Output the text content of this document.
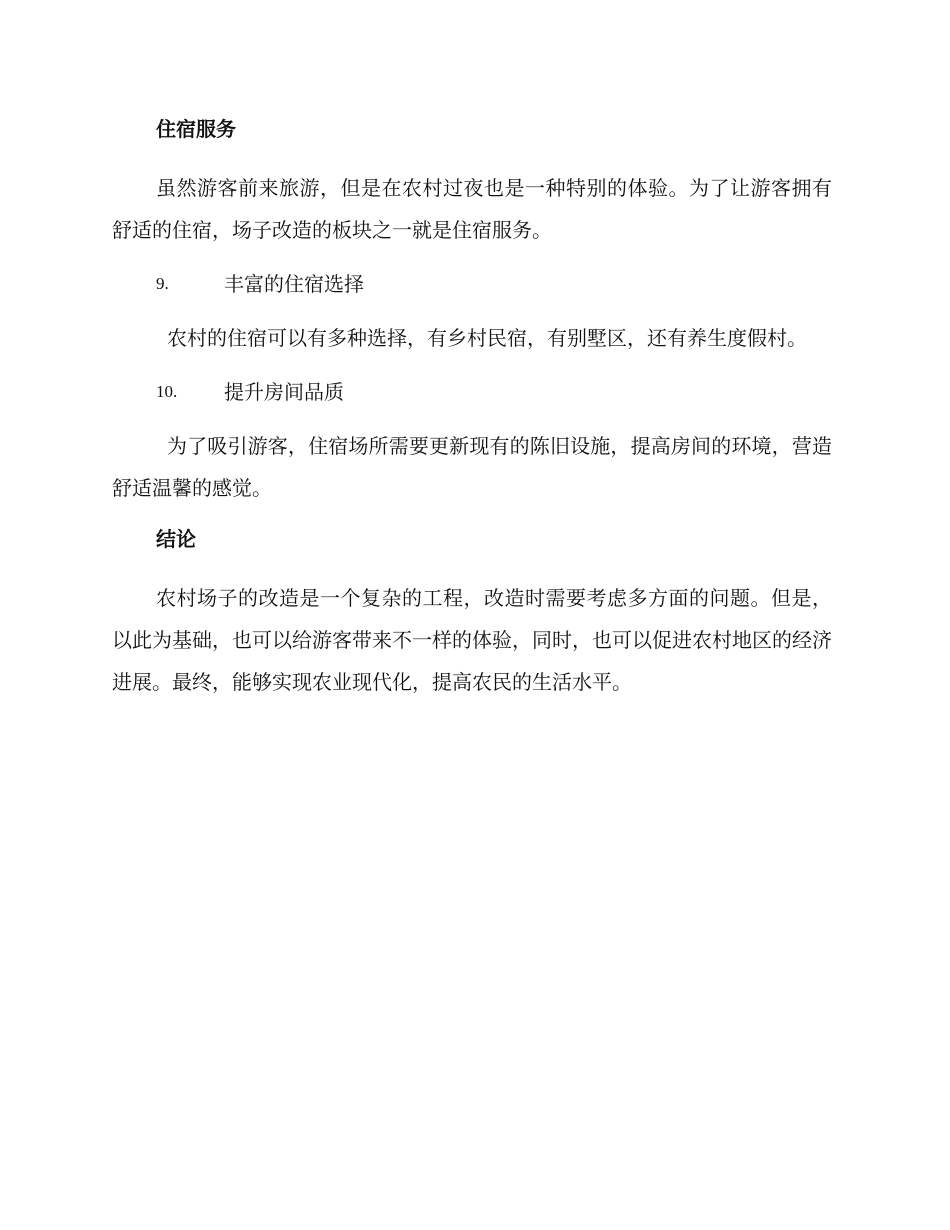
住宿服务

虽然游客前来旅游，但是在农村过夜也是一种特别的体验。为了让游客拥有舒适的住宿，场子改造的板块之一就是住宿服务。

9.	丰富的住宿选择

农村的住宿可以有多种选择，有乡村民宿，有别墅区，还有养生度假村。

10.	提升房间品质

为了吸引游客，住宿场所需要更新现有的陈旧设施，提高房间的环境，营造舒适温馨的感觉。

结论

农村场子的改造是一个复杂的工程，改造时需要考虑多方面的问题。但是，以此为基础，也可以给游客带来不一样的体验，同时，也可以促进农村地区的经济进展。最终，能够实现农业现代化，提高农民的生活水平。
